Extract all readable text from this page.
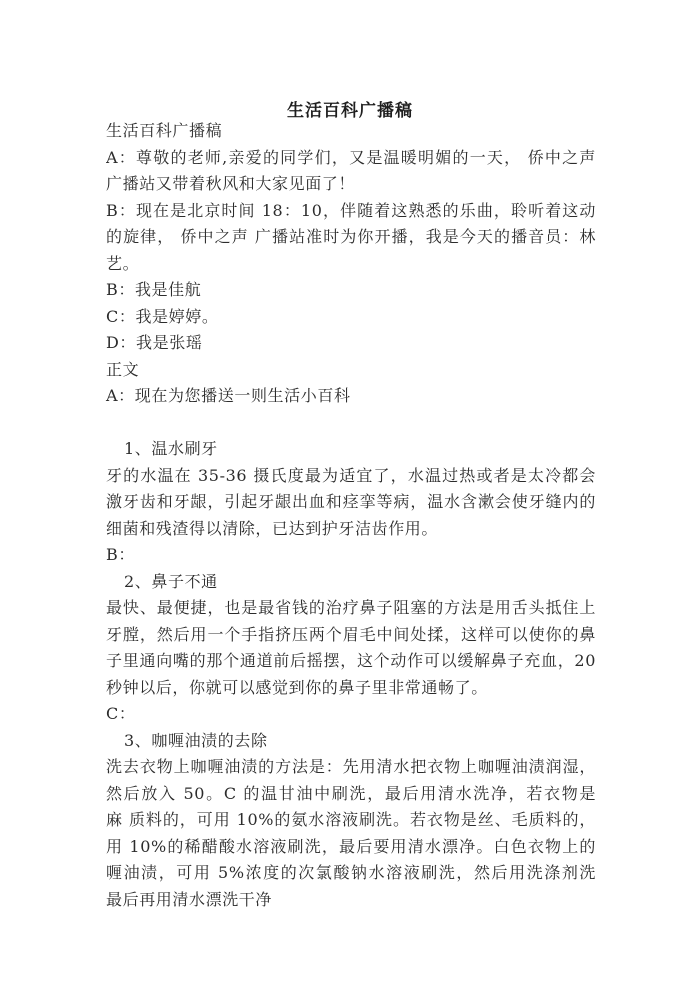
生活百科广播稿
生活百科广播稿
A：尊敬的老师,亲爱的同学们，又是温暖明媚的一天， 侨中之声
广播站又带着秋风和大家见面了！
B：现在是北京时间 18：10，伴随着这熟悉的乐曲，聆听着这动
的旋律， 侨中之声 广播站准时为你开播，我是今天的播音员：林
艺。
B：我是佳航
C：我是婷婷。
D：我是张瑶
正文
A：现在为您播送一则生活小百科
1、温水刷牙
牙的水温在 35-36 摄氏度最为适宜了，水温过热或者是太冷都会
激牙齿和牙龈，引起牙龈出血和痉挛等病，温水含漱会使牙缝内的
细菌和残渣得以清除，已达到护牙洁齿作用。
B：
2、鼻子不通
最快、最便捷，也是最省钱的治疗鼻子阻塞的方法是用舌头抵住上
牙膛，然后用一个手指挤压两个眉毛中间处揉，这样可以使你的鼻
子里通向嘴的那个通道前后摇摆，这个动作可以缓解鼻子充血，20
秒钟以后，你就可以感觉到你的鼻子里非常通畅了。
C：
3、咖喱油渍的去除
洗去衣物上咖喱油渍的方法是：先用清水把衣物上咖喱油渍润湿，
然后放入 50。C 的温甘油中刷洗，最后用清水洗净，若衣物是
麻 质料的，可用 10%的氨水溶液刷洗。若衣物是丝、毛质料的，
用 10%的稀醋酸水溶液刷洗，最后要用清水漂净。白色衣物上的
喱油渍，可用 5%浓度的次氯酸钠水溶液刷洗，然后用洗涤剂洗
最后再用清水漂洗干净
